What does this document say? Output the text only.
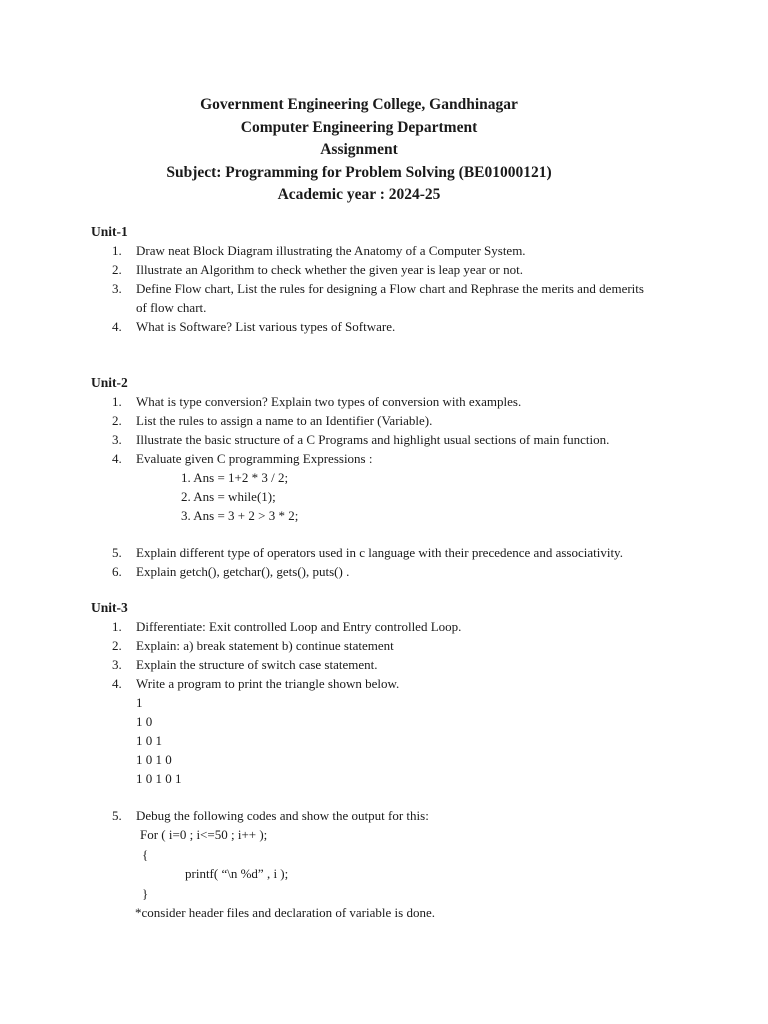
Government Engineering College, Gandhinagar
Computer Engineering Department
Assignment
Subject: Programming for Problem Solving (BE01000121)
Academic year : 2024-25

Unit-1

1. Draw neat Block Diagram illustrating the Anatomy of a Computer System.
2. Illustrate an Algorithm to check whether the given year is leap year or not.
3. Define Flow chart, List the rules for designing a Flow chart and Rephrase the merits and demerits
of flow chart.
4. What is Software? List various types of Software.

Unit-2

1. What is type conversion? Explain two types of conversion with examples.
2. List the rules to assign a name to an Identifier (Variable).
3. Illustrate the basic structure of a C Programs and highlight usual sections of main function.
4. Evaluate given C programming Expressions :
1. Ans = 1+2 * 3 / 2;
2. Ans = while(1);
3. Ans = 3 + 2 > 3 * 2;
5. Explain different type of operators used in c language with their precedence and associativity.
6. Explain getch(), getchar(), gets(), puts() .

Unit-3

1. Differentiate: Exit controlled Loop and Entry controlled Loop.
2. Explain: a) break statement b) continue statement
3. Explain the structure of switch case statement.
4. Write a program to print the triangle shown below.
1
1 0
1 0 1
1 0 1 0
1 0 1 0 1
5. Debug the following codes and show the output for this:
For ( i=0 ; i<=50 ; i++ );
{
printf( “\n %d” , i );
}
*consider header files and declaration of variable is done.
